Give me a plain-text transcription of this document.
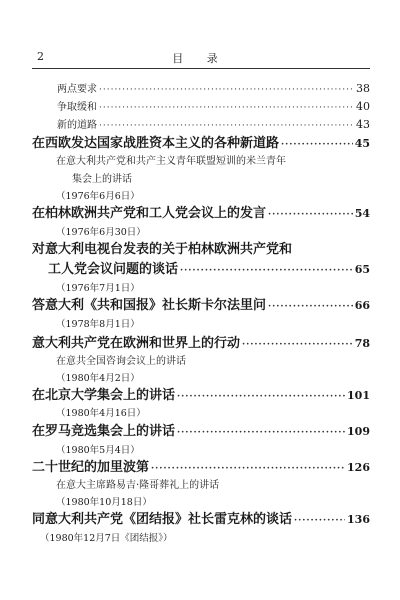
2	目 录
两点要求 ·····	38
争取缓和 ·····	40
新的道路 ·····	43
在西欧发达国家战胜资本主义的各种新道路 ·····	45
在意大利共产党和共产主义青年联盟短训的米兰青年
集会上的讲话
（1976年6月6日）
在柏林欧洲共产党和工人党会议上的发言 ·····	54
（1976年6月30日）
对意大利电视台发表的关于柏林欧洲共产党和
工人党会议问题的谈话 ·····	65
（1976年7月1日）
答意大利《共和国报》社长斯卡尔法里问 ·····	66
（1978年8月1日）
意大利共产党在欧洲和世界上的行动 ·····	78
在意共全国咨询会议上的讲话
（1980年4月2日）
在北京大学集会上的讲话 ·····	101
（1980年4月16日）
在罗马竞选集会上的讲话 ·····	109
（1980年5月4日）
二十世纪的加里波第 ·····	126
在意大主席路易吉·隆哥葬礼上的讲话
（1980年10月18日）
同意大利共产党《团结报》社长雷克林的谈话 ·····	136
（1980年12月7日《团结报》）
